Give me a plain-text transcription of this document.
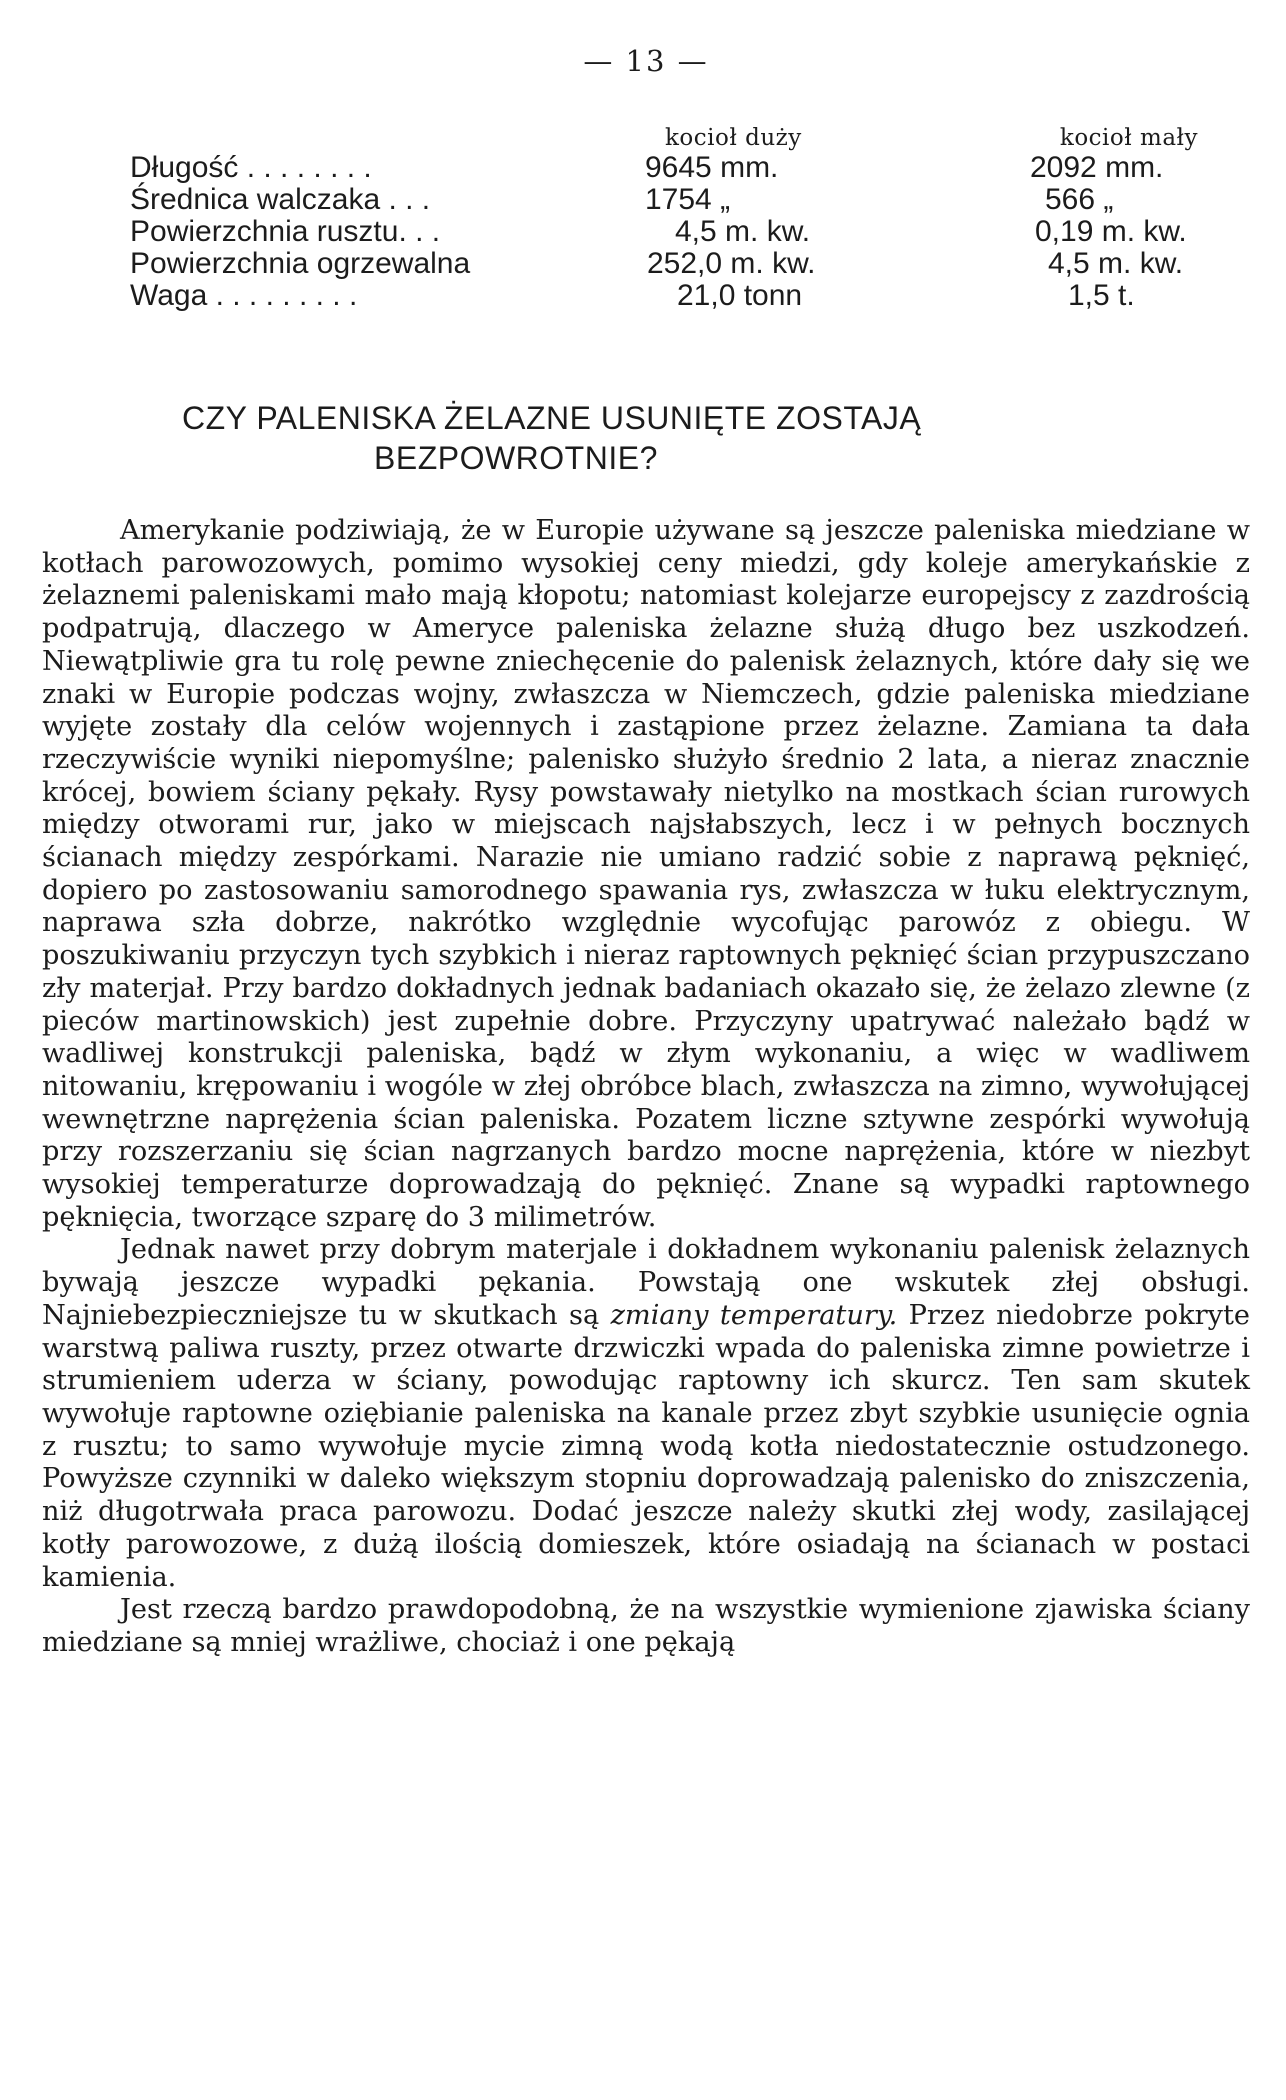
— 13 —
kocioł duży	kocioł mały
Długość . . . . . . . .	9645 mm.	2092 mm.
Średnica walczaka . . .	1754 „	566 „
Powierzchnia rusztu. . .	4,5 m. kw.	0,19 m. kw.
Powierzchnia ogrzewalna	252,0 m. kw.	4,5 m. kw.
Waga . . . . . . . . .	21,0 tonn	1,5 t.
CZY PALENISKA ŻELAZNE USUNIĘTE ZOSTAJĄ
BEZPOWROTNIE?

Amerykanie podziwiają, że w Europie używane są jeszcze paleniska miedziane w kotłach parowozowych, pomimo wysokiej ceny miedzi, gdy koleje amerykańskie z żelaznemi paleniskami mało mają kłopotu; natomiast kolejarze europejscy z zazdrością podpatrują, dlaczego w Ameryce paleniska żelazne służą długo bez uszkodzeń. Niewątpliwie gra tu rolę pewne zniechęcenie do palenisk żelaznych, które dały się we znaki w Europie podczas wojny, zwłaszcza w Niemczech, gdzie paleniska miedziane wyjęte zostały dla celów wojennych i zastąpione przez żelazne. Zamiana ta dała rzeczywiście wyniki niepomyślne; palenisko służyło średnio 2 lata, a nieraz znacznie krócej, bowiem ściany pękały. Rysy powstawały nietylko na mostkach ścian rurowych między otworami rur, jako w miejscach najsłabszych, lecz i w pełnych bocznych ścianach między zespórkami. Narazie nie umiano radzić sobie z naprawą pęknięć, dopiero po zastosowaniu samorodnego spawania rys, zwłaszcza w łuku elektrycznym, naprawa szła dobrze, nakrótko względnie wycofując parowóz z obiegu. W poszukiwaniu przyczyn tych szybkich i nieraz raptownych pęknięć ścian przypuszczano zły materjał. Przy bardzo dokładnych jednak badaniach okazało się, że żelazo zlewne (z pieców martinowskich) jest zupełnie dobre. Przyczyny upatrywać należało bądź w wadliwej konstrukcji paleniska, bądź w złym wykonaniu, a więc w wadliwem nitowaniu, krępowaniu i wogóle w złej obróbce blach, zwłaszcza na zimno, wywołującej wewnętrzne naprężenia ścian paleniska. Pozatem liczne sztywne zespórki wywołują przy rozszerzaniu się ścian nagrzanych bardzo mocne naprężenia, które w niezbyt wysokiej temperaturze doprowadzają do pęknięć. Znane są wypadki raptownego pęknięcia, tworzące szparę do 3 milimetrów.

Jednak nawet przy dobrym materjale i dokładnem wykonaniu palenisk żelaznych bywają jeszcze wypadki pękania. Powstają one wskutek złej obsługi. Najniebezpieczniejsze tu w skutkach są zmiany temperatury. Przez niedobrze pokryte warstwą paliwa ruszty, przez otwarte drzwiczki wpada do paleniska zimne powietrze i strumieniem uderza w ściany, powodując raptowny ich skurcz. Ten sam skutek wywołuje raptowne oziębianie paleniska na kanale przez zbyt szybkie usunięcie ognia z rusztu; to samo wywołuje mycie zimną wodą kotła niedostatecznie ostudzonego. Powyższe czynniki w daleko większym stopniu doprowadzają palenisko do zniszczenia, niż długotrwała praca parowozu. Dodać jeszcze należy skutki złej wody, zasilającej kotły parowozowe, z dużą ilością domieszek, które osiadają na ścianach w postaci kamienia.

Jest rzeczą bardzo prawdopodobną, że na wszystkie wymienione zjawiska ściany miedziane są mniej wrażliwe, chociaż i one pękają
